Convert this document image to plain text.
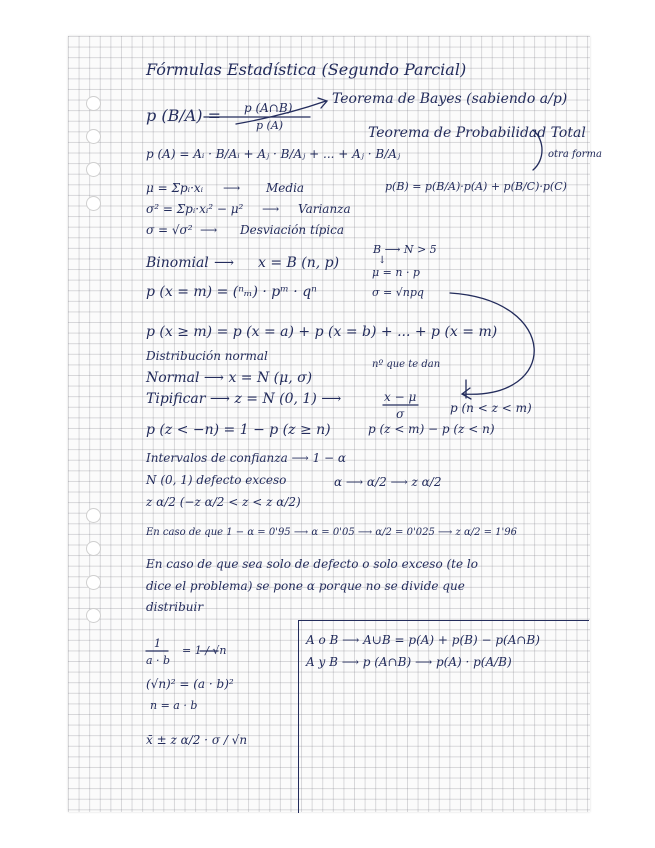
Fórmulas Estadística (Segundo Parcial)
p (B/A) = p (A∩B)
p (A)
Teorema de Bayes (sabiendo a/p)
Teorema de Probabilidad Total
p (A) = Aᵢ · B/Aᵢ + Aⱼ · B/Aⱼ + ... + Aⱼ · B/Aⱼ	otra forma
p(B) = p(B/A)·p(A) + p(B/C)·p(C)
μ = Σpᵢ·xᵢ ⟶ Media
σ² = Σpᵢ·xᵢ² − μ² ⟶ Varianza
σ = √σ² ⟶ Desviación típica
Binomial ⟶ x = B (n, p)
B ⟶ N > 5
↓
μ = n · p
σ = √npq
p (x = m) = (ⁿₘ) · pᵐ · qⁿ
p (x ≥ m) = p (x = a) + p (x = b) + ... + p (x = m)
Distribución normal
nº que te dan
Normal ⟶ x = N (μ, σ)
Tipificar ⟶ z = N (0, 1) ⟶	x − μ
σ	p (n < z < m)
p (z < −n) = 1 − p (z ≥ n)	p (z < m) − p (z < n)
Intervalos de confianza ⟶ 1 − α
N (0, 1) defecto exceso	α ⟶ α/2 ⟶ z α/2
z α/2 (−z α/2 < z < z α/2)
En caso de que 1 − α = 0'95 ⟶ α = 0'05 ⟶ α/2 = 0'025 ⟶ z α/2 = 1'96
En caso de que sea solo de defecto o solo exceso (te lo
dice el problema) se pone α porque no se divide que
distribuir
1
a · b
= 1 / √n
(√n)² = (a · b)²
n = a · b
x̄ ± z α/2 · σ / √n
A o B ⟶ A∪B = p(A) + p(B) − p(A∩B)
A y B ⟶ p (A∩B) ⟶ p(A) · p(A/B)
